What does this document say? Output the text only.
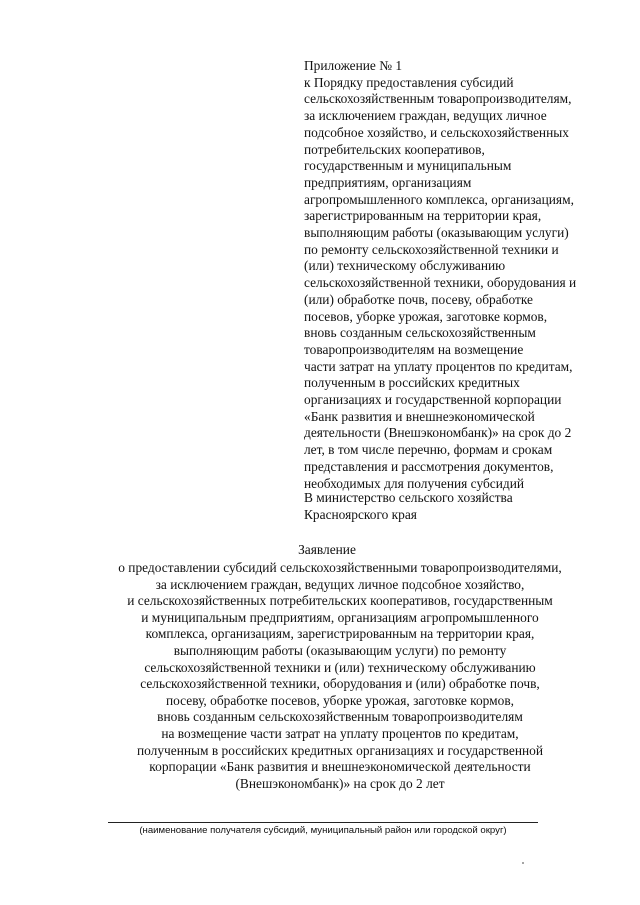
Приложение № 1
к Порядку предоставления субсидий
сельскохозяйственным товаропроизводителям,
за исключением граждан, ведущих личное
подсобное хозяйство, и сельскохозяйственных
потребительских кооперативов,
государственным и муниципальным
предприятиям, организациям
агропромышленного комплекса, организациям,
зарегистрированным на территории края,
выполняющим работы (оказывающим услуги)
по ремонту сельскохозяйственной техники и
(или) техническому обслуживанию
сельскохозяйственной техники, оборудования и
(или) обработке почв, посеву, обработке
посевов, уборке урожая, заготовке кормов,
вновь созданным сельскохозяйственным
товаропроизводителям на возмещение
части затрат на уплату процентов по кредитам,
полученным в российских кредитных
организациях и государственной корпорации
«Банк развития и внешнеэкономической
деятельности (Внешэкономбанк)» на срок до 2
лет, в том числе перечню, формам и срокам
представления и рассмотрения документов,
необходимых для получения субсидий
В министерство сельского хозяйства
Красноярского края
Заявление
о предоставлении субсидий сельскохозяйственными товаропроизводителями,
за исключением граждан, ведущих личное подсобное хозяйство,
и сельскохозяйственных потребительских кооперативов, государственным
и муниципальным предприятиям, организациям агропромышленного
комплекса, организациям, зарегистрированным на территории края,
выполняющим работы (оказывающим услуги) по ремонту
сельскохозяйственной техники и (или) техническому обслуживанию
сельскохозяйственной техники, оборудования и (или) обработке почв,
посеву, обработке посевов, уборке урожая, заготовке кормов,
вновь созданным сельскохозяйственным товаропроизводителям
на возмещение части затрат на уплату процентов по кредитам,
полученным в российских кредитных организациях и государственной
корпорации «Банк развития и внешнеэкономической деятельности
(Внешэкономбанк)» на срок до 2 лет
(наименование получателя субсидий, муниципальный район или городской округ)
